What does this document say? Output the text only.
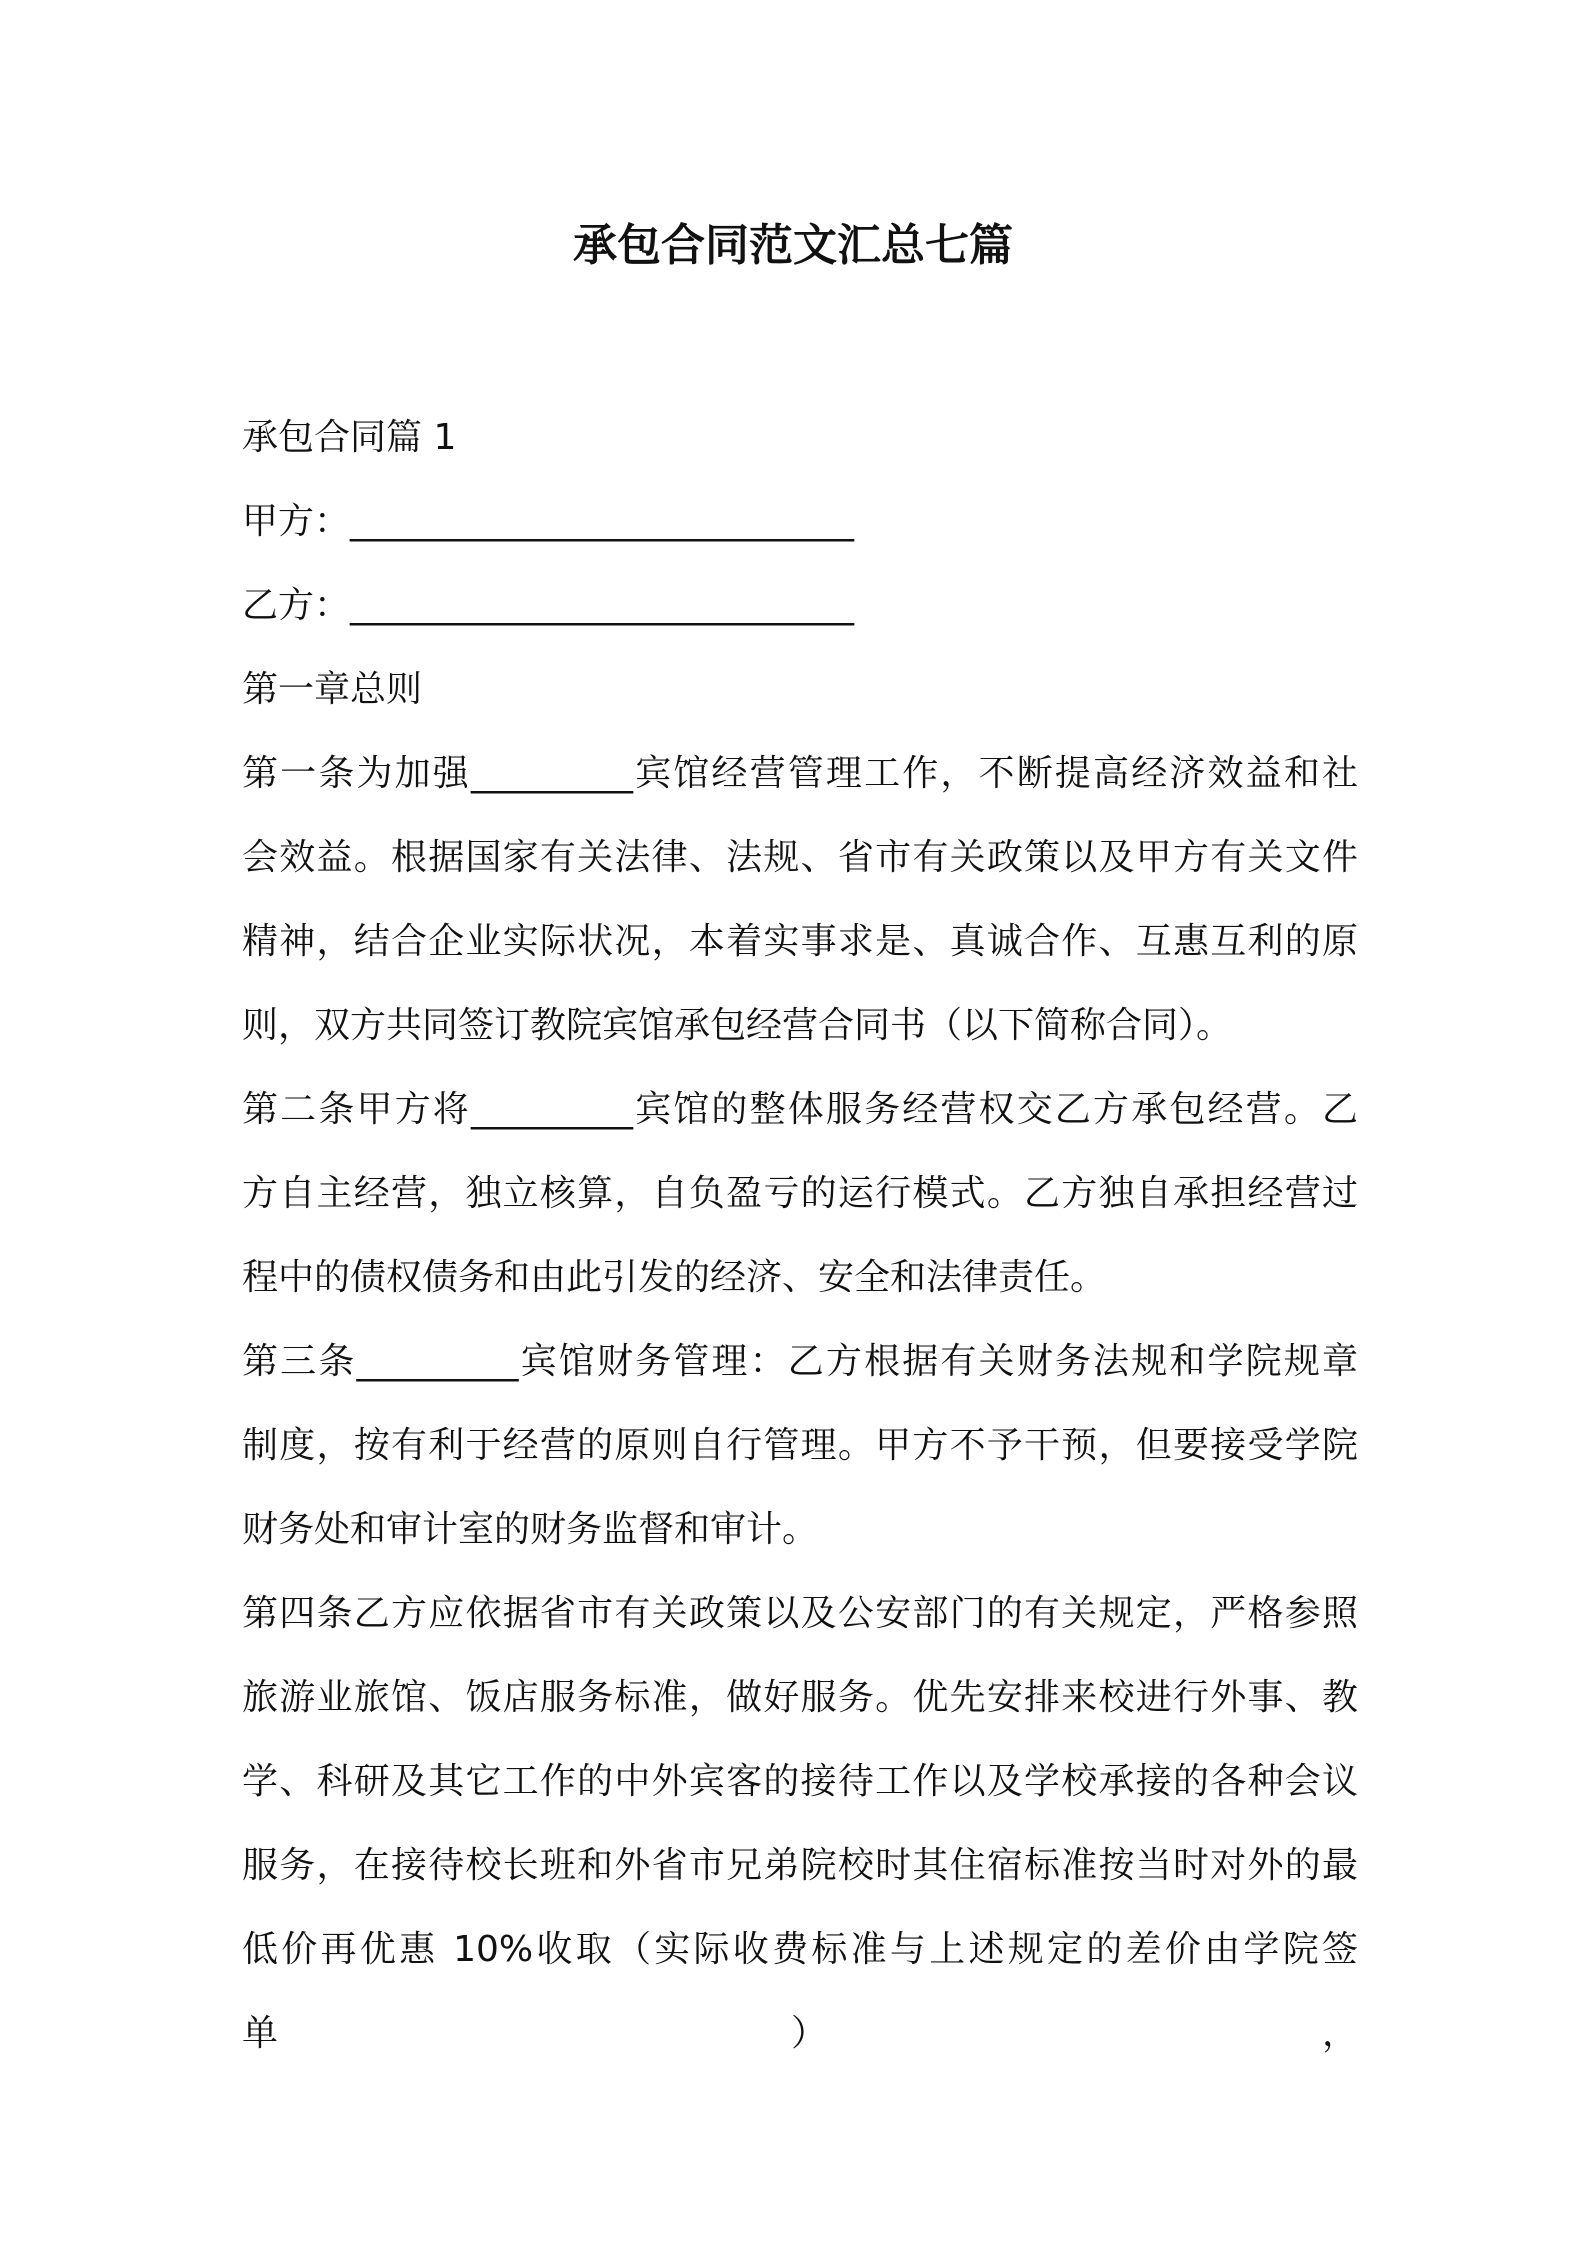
承包合同范文汇总七篇
承包合同篇 1
甲方：____________________________
乙方：____________________________
第一章总则
第一条为加强_________宾馆经营管理工作，不断提高经济效益和社
会效益。根据国家有关法律、法规、省市有关政策以及甲方有关文件
精神，结合企业实际状况，本着实事求是、真诚合作、互惠互利的原
则，双方共同签订教院宾馆承包经营合同书（以下简称合同）。
第二条甲方将_________宾馆的整体服务经营权交乙方承包经营。乙
方自主经营，独立核算，自负盈亏的运行模式。乙方独自承担经营过
程中的债权债务和由此引发的经济、安全和法律责任。
第三条_________宾馆财务管理：乙方根据有关财务法规和学院规章
制度，按有利于经营的原则自行管理。甲方不予干预，但要接受学院
财务处和审计室的财务监督和审计。
第四条乙方应依据省市有关政策以及公安部门的有关规定，严格参照
旅游业旅馆、饭店服务标准，做好服务。优先安排来校进行外事、教
学、科研及其它工作的中外宾客的接待工作以及学校承接的各种会议
服务，在接待校长班和外省市兄弟院校时其住宿标准按当时对外的最
低价再优惠 10%收取（实际收费标准与上述规定的差价由学院签单），
